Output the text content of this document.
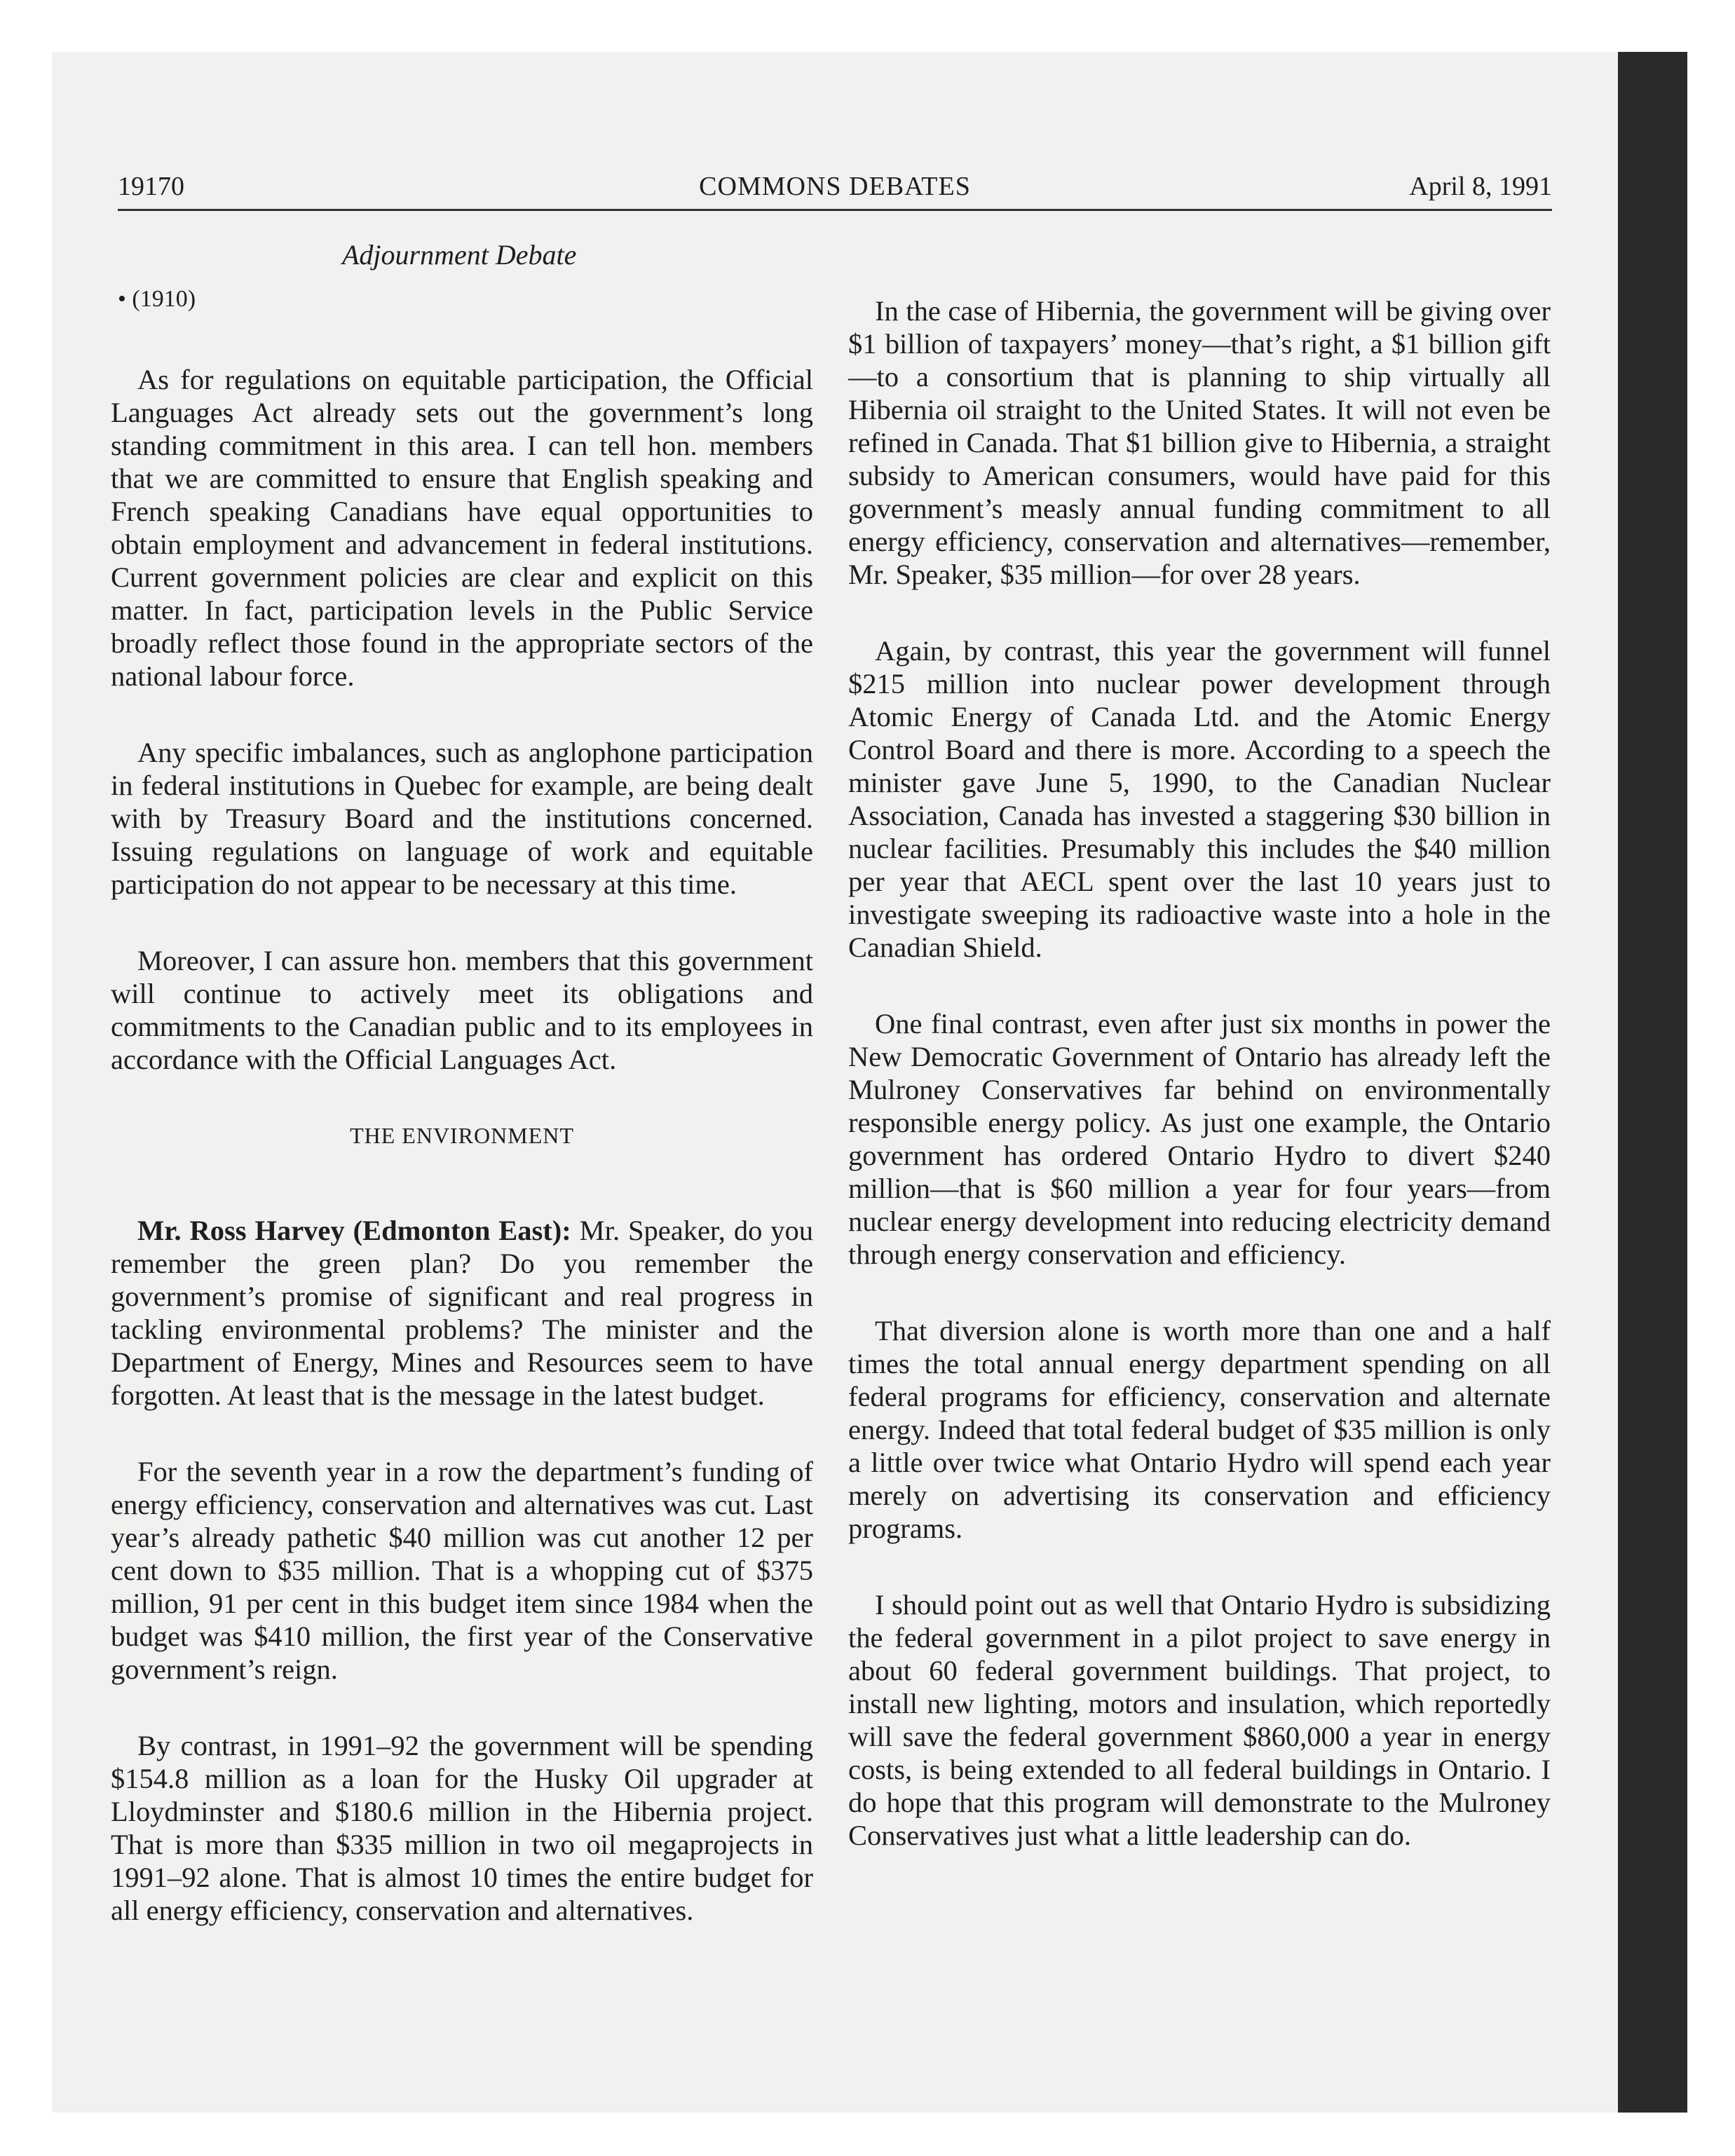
19170	COMMONS DEBATES	April 8, 1991
Adjournment Debate
• (1910)

As for regulations on equitable participation, the Official Languages Act already sets out the government’s long standing commitment in this area. I can tell hon. members that we are committed to ensure that English speaking and French speaking Canadians have equal opportunities to obtain employment and advancement in federal institutions. Current government policies are clear and explicit on this matter. In fact, participation levels in the Public Service broadly reflect those found in the appropriate sectors of the national labour force.

Any specific imbalances, such as anglophone participation in federal institutions in Quebec for example, are being dealt with by Treasury Board and the institutions concerned. Issuing regulations on language of work and equitable participation do not appear to be necessary at this time.

Moreover, I can assure hon. members that this government will continue to actively meet its obligations and commitments to the Canadian public and to its employees in accordance with the Official Languages Act.

THE ENVIRONMENT

Mr. Ross Harvey (Edmonton East): Mr. Speaker, do you remember the green plan? Do you remember the government’s promise of significant and real progress in tackling environmental problems? The minister and the Department of Energy, Mines and Resources seem to have forgotten. At least that is the message in the latest budget.

For the seventh year in a row the department’s funding of energy efficiency, conservation and alternatives was cut. Last year’s already pathetic $40 million was cut another 12 per cent down to $35 million. That is a whopping cut of $375 million, 91 per cent in this budget item since 1984 when the budget was $410 million, the first year of the Conservative government’s reign.

By contrast, in 1991–92 the government will be spending $154.8 million as a loan for the Husky Oil upgrader at Lloydminster and $180.6 million in the Hibernia project. That is more than $335 million in two oil megaprojects in 1991–92 alone. That is almost 10 times the entire budget for all energy efficiency, conservation and alternatives.

In the case of Hibernia, the government will be giving over $1 billion of taxpayers’ money—that’s right, a $1 billion gift—to a consortium that is planning to ship virtually all Hibernia oil straight to the United States. It will not even be refined in Canada. That $1 billion give to Hibernia, a straight subsidy to American consumers, would have paid for this government’s measly annual funding commitment to all energy efficiency, conservation and alternatives—remember, Mr. Speaker, $35 million—for over 28 years.

Again, by contrast, this year the government will funnel $215 million into nuclear power development through Atomic Energy of Canada Ltd. and the Atomic Energy Control Board and there is more. According to a speech the minister gave June 5, 1990, to the Canadian Nuclear Association, Canada has invested a staggering $30 billion in nuclear facilities. Presumably this includes the $40 million per year that AECL spent over the last 10 years just to investigate sweeping its radioactive waste into a hole in the Canadian Shield.

One final contrast, even after just six months in power the New Democratic Government of Ontario has already left the Mulroney Conservatives far behind on environmentally responsible energy policy. As just one example, the Ontario government has ordered Ontario Hydro to divert $240 million—that is $60 million a year for four years—from nuclear energy development into reducing electricity demand through energy conservation and efficiency.

That diversion alone is worth more than one and a half times the total annual energy department spending on all federal programs for efficiency, conservation and alternate energy. Indeed that total federal budget of $35 million is only a little over twice what Ontario Hydro will spend each year merely on advertising its conservation and efficiency programs.

I should point out as well that Ontario Hydro is subsidizing the federal government in a pilot project to save energy in about 60 federal government buildings. That project, to install new lighting, motors and insulation, which reportedly will save the federal government $860,000 a year in energy costs, is being extended to all federal buildings in Ontario. I do hope that this program will demonstrate to the Mulroney Conservatives just what a little leadership can do.
